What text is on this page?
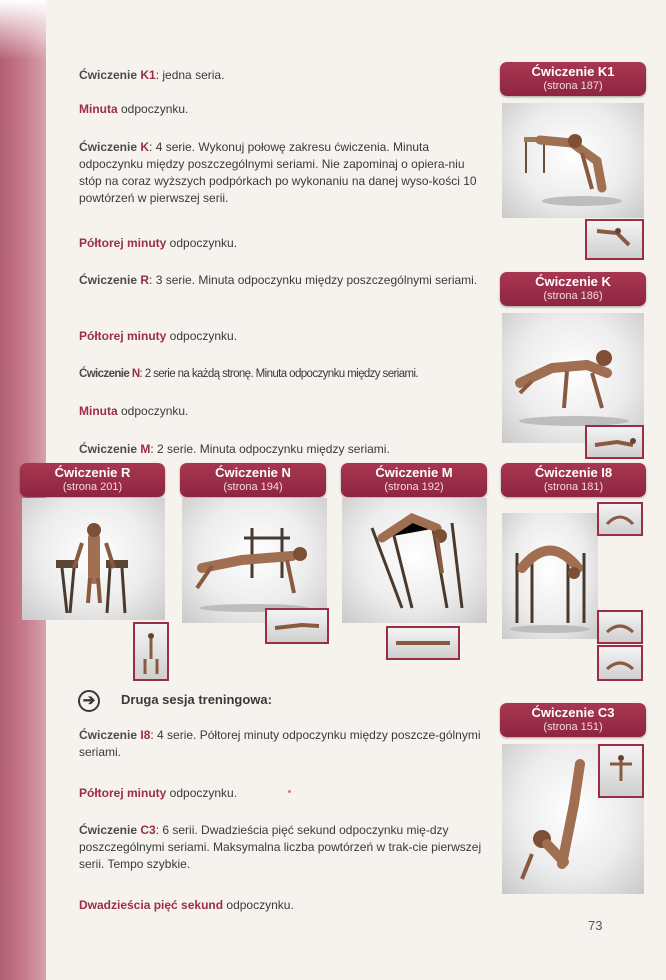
Ćwiczenie K1: jedna seria.

Minuta odpoczynku.

Ćwiczenie K: 4 serie. Wykonuj połowę zakresu ćwiczenia. Minuta odpoczynku między poszczególnymi seriami. Nie zapominaj o opiera-niu stóp na coraz wyższych podpórkach po wykonaniu na danej wyso-kości 10 powtórzeń w pierwszej serii.

Półtorej minuty odpoczynku.

Ćwiczenie R: 3 serie. Minuta odpoczynku między poszczególnymi seriami.

Półtorej minuty odpoczynku.

Ćwiczenie N: 2 serie na każdą stronę. Minuta odpoczynku między seriami.

Minuta odpoczynku.

Ćwiczenie M: 2 serie. Minuta odpoczynku między seriami.

➔	Druga sesja treningowa:

Ćwiczenie I8: 4 serie. Półtorej minuty odpoczynku między poszcze-gólnymi seriami.

Półtorej minuty odpoczynku.

Ćwiczenie C3: 6 serii. Dwadzieścia pięć sekund odpoczynku mię-dzy poszczególnymi seriami. Maksymalna liczba powtórzeń w trak-cie pierwszej serii. Tempo szybkie.

Dwadzieścia pięć sekund odpoczynku.

73
Ćwiczenie K1
(strona 187)
Ćwiczenie K
(strona 186)
Ćwiczenie R
(strona 201)
Ćwiczenie N
(strona 194)
Ćwiczenie M
(strona 192)
Ćwiczenie I8
(strona 181)
Ćwiczenie C3
(strona 151)
